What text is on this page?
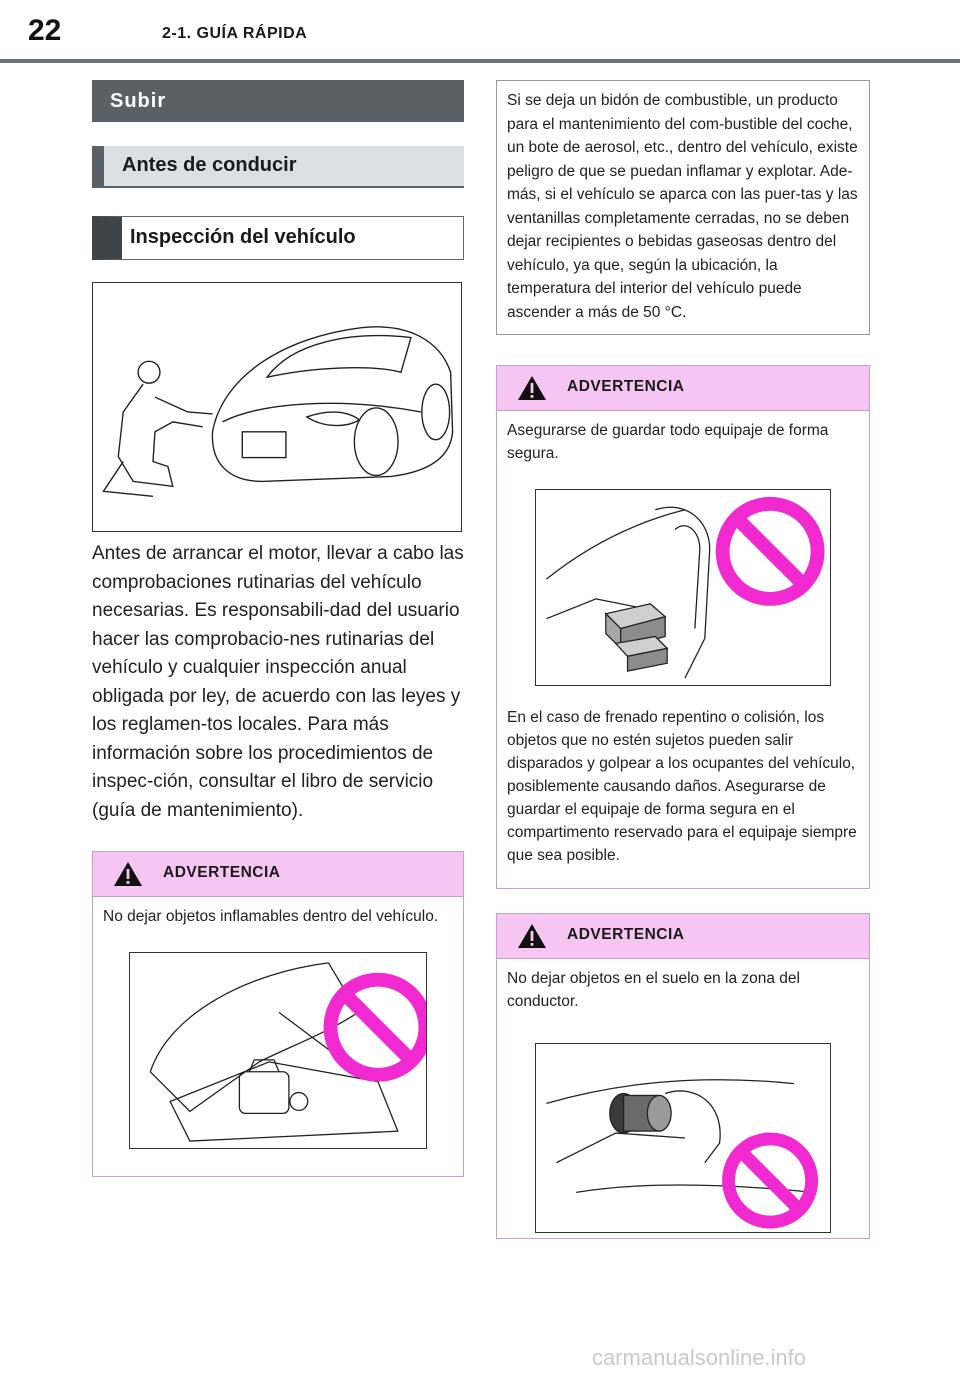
22	2-1. GUÍA RÁPIDA
Subir
Antes de conducir
Inspección del vehículo
Antes de arrancar el motor, llevar a cabo las comprobaciones rutinarias del vehículo necesarias. Es responsabili-dad del usuario hacer las comprobacio-nes rutinarias del vehículo y cualquier inspección anual obligada por ley, de acuerdo con las leyes y los reglamen-tos locales. Para más información sobre los procedimientos de inspec-ción, consultar el libro de servicio (guía de mantenimiento).
ADVERTENCIA
No dejar objetos inflamables dentro del vehículo.
Si se deja un bidón de combustible, un producto para el mantenimiento del com-bustible del coche, un bote de aerosol, etc., dentro del vehículo, existe peligro de que se puedan inflamar y explotar. Ade-más, si el vehículo se aparca con las puer-tas y las ventanillas completamente cerradas, no se deben dejar recipientes o bebidas gaseosas dentro del vehículo, ya que, según la ubicación, la temperatura del interior del vehículo puede ascender a más de 50 °C.
ADVERTENCIA
Asegurarse de guardar todo equipaje de forma segura.
En el caso de frenado repentino o colisión, los objetos que no estén sujetos pueden salir disparados y golpear a los ocupantes del vehículo, posiblemente causando daños. Asegurarse de guardar el equipaje de forma segura en el compartimento reservado para el equipaje siempre que sea posible.
ADVERTENCIA
No dejar objetos en el suelo en la zona del conductor.
carmanualsonline.info
